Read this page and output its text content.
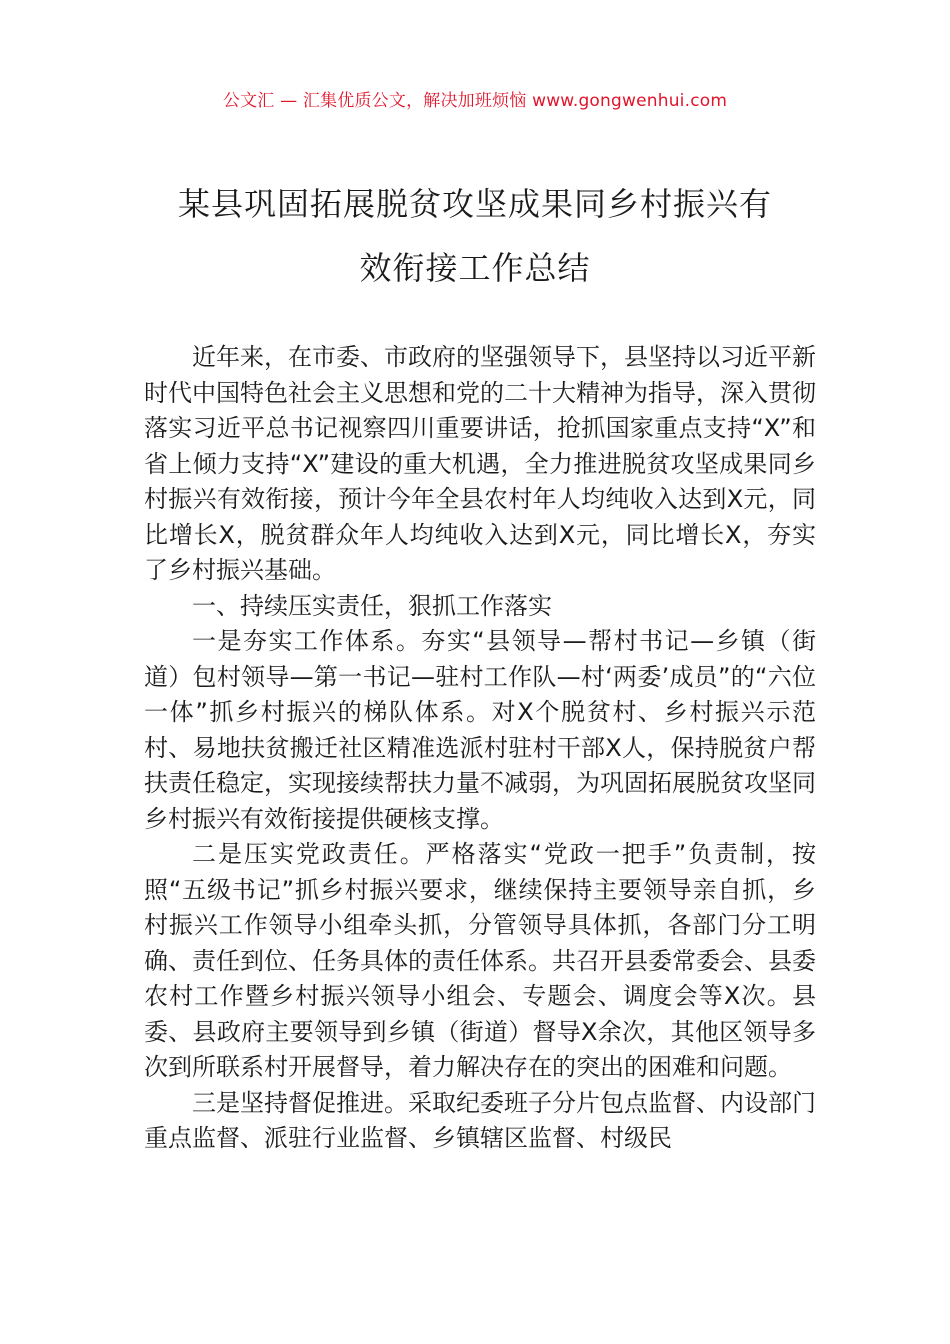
公文汇 — 汇集优质公文，解决加班烦恼 www.gongwenhui.com
某县巩固拓展脱贫攻坚成果同乡村振兴有
效衔接工作总结

近年来，在市委、市政府的坚强领导下，县坚持以习近平新时代中国特色社会主义思想和党的二十大精神为指导，深入贯彻落实习近平总书记视察四川重要讲话，抢抓国家重点支持“X”和省上倾力支持“X”建设的重大机遇，全力推进脱贫攻坚成果同乡村振兴有效衔接，预计今年全县农村年人均纯收入达到X元，同比增长X，脱贫群众年人均纯收入达到X元，同比增长X，夯实了乡村振兴基础。

一、持续压实责任，狠抓工作落实

一是夯实工作体系。夯实“县领导—帮村书记—乡镇（街道）包村领导—第一书记—驻村工作队—村‘两委’成员”的“六位一体”抓乡村振兴的梯队体系。对X个脱贫村、乡村振兴示范村、易地扶贫搬迁社区精准选派村驻村干部X人，保持脱贫户帮扶责任稳定，实现接续帮扶力量不减弱，为巩固拓展脱贫攻坚同乡村振兴有效衔接提供硬核支撑。

二是压实党政责任。严格落实“党政一把手”负责制，按照“五级书记”抓乡村振兴要求，继续保持主要领导亲自抓，乡村振兴工作领导小组牵头抓，分管领导具体抓，各部门分工明确、责任到位、任务具体的责任体系。共召开县委常委会、县委农村工作暨乡村振兴领导小组会、专题会、调度会等X次。县委、县政府主要领导到乡镇（街道）督导X余次，其他区领导多次到所联系村开展督导，着力解决存在的突出的困难和问题。

三是坚持督促推进。采取纪委班子分片包点监督、内设部门重点监督、派驻行业监督、乡镇辖区监督、村级民
